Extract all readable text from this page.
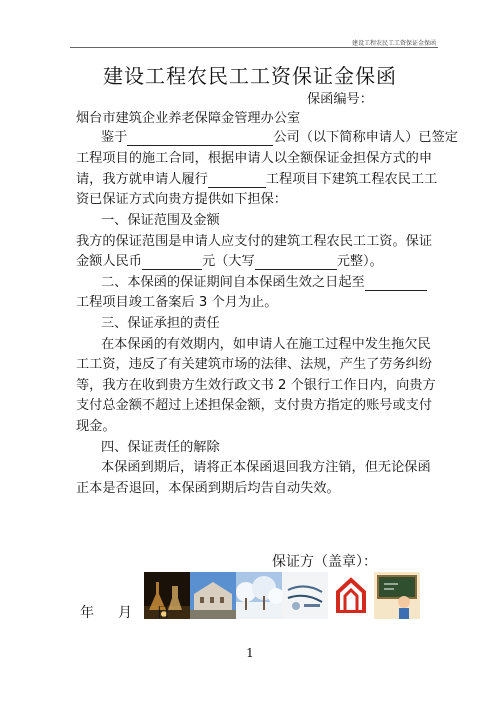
建设工程农民工工资保证金保函
建设工程农民工工资保证金保函
保函编号：
烟台市建筑企业养老保障金管理办公室
鉴于	公司（以下简称申请人）已签定
工程项目的施工合同，根据申请人以全额保证金担保方式的申
请，我方就申请人履行	工程项目下建筑工程农民工工
资已保证方式向贵方提供如下担保：
一、保证范围及金额
我方的保证范围是申请人应支付的建筑工程农民工工资。保证
金额人民币	元（大写	元整）。
二、本保函的保证期间自本保函生效之日起至
工程项目竣工备案后 3 个月为止。
三、保证承担的责任
在本保函的有效期内，如申请人在施工过程中发生拖欠民
工工资，违反了有关建筑市场的法律、法规，产生了劳务纠纷
等，我方在收到贵方生效行政文书 2 个银行工作日内，向贵方
支付总金额不超过上述担保金额，支付贵方指定的账号或支付
现金。
四、保证责任的解除
本保函到期后，请将正本保函退回我方注销，但无论保函
正本是否退回，本保函到期后均告自动失效。
保证方（盖章）：
年 月 日
1
